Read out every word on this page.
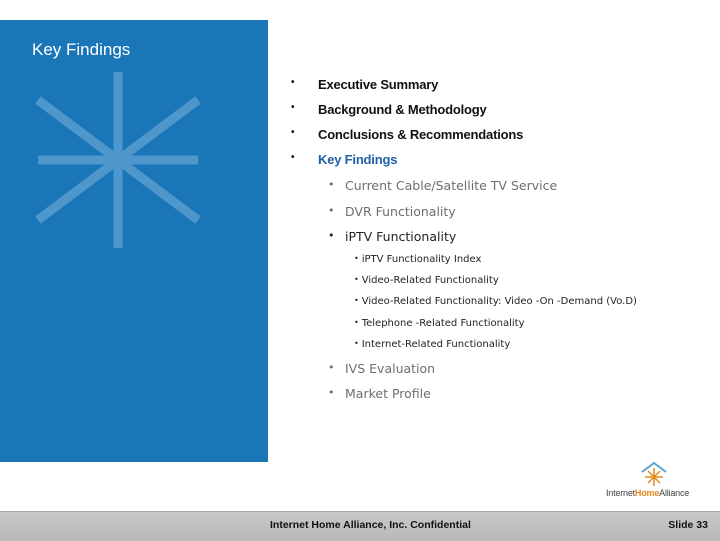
Key Findings
• Executive Summary
• Background & Methodology
• Conclusions & Recommendations
• Key Findings
• Current Cable/Satellite TV Service
• DVR Functionality
• iPTV Functionality
• iPTV Functionality Index
• Video-Related Functionality
• Video-Related Functionality: Video -On -Demand (Vo.D)
• Telephone -Related Functionality
• Internet-Related Functionality
• IVS Evaluation
• Market Profile
InternetHomeAlliance
Internet Home Alliance, Inc. Confidential	Slide 33
